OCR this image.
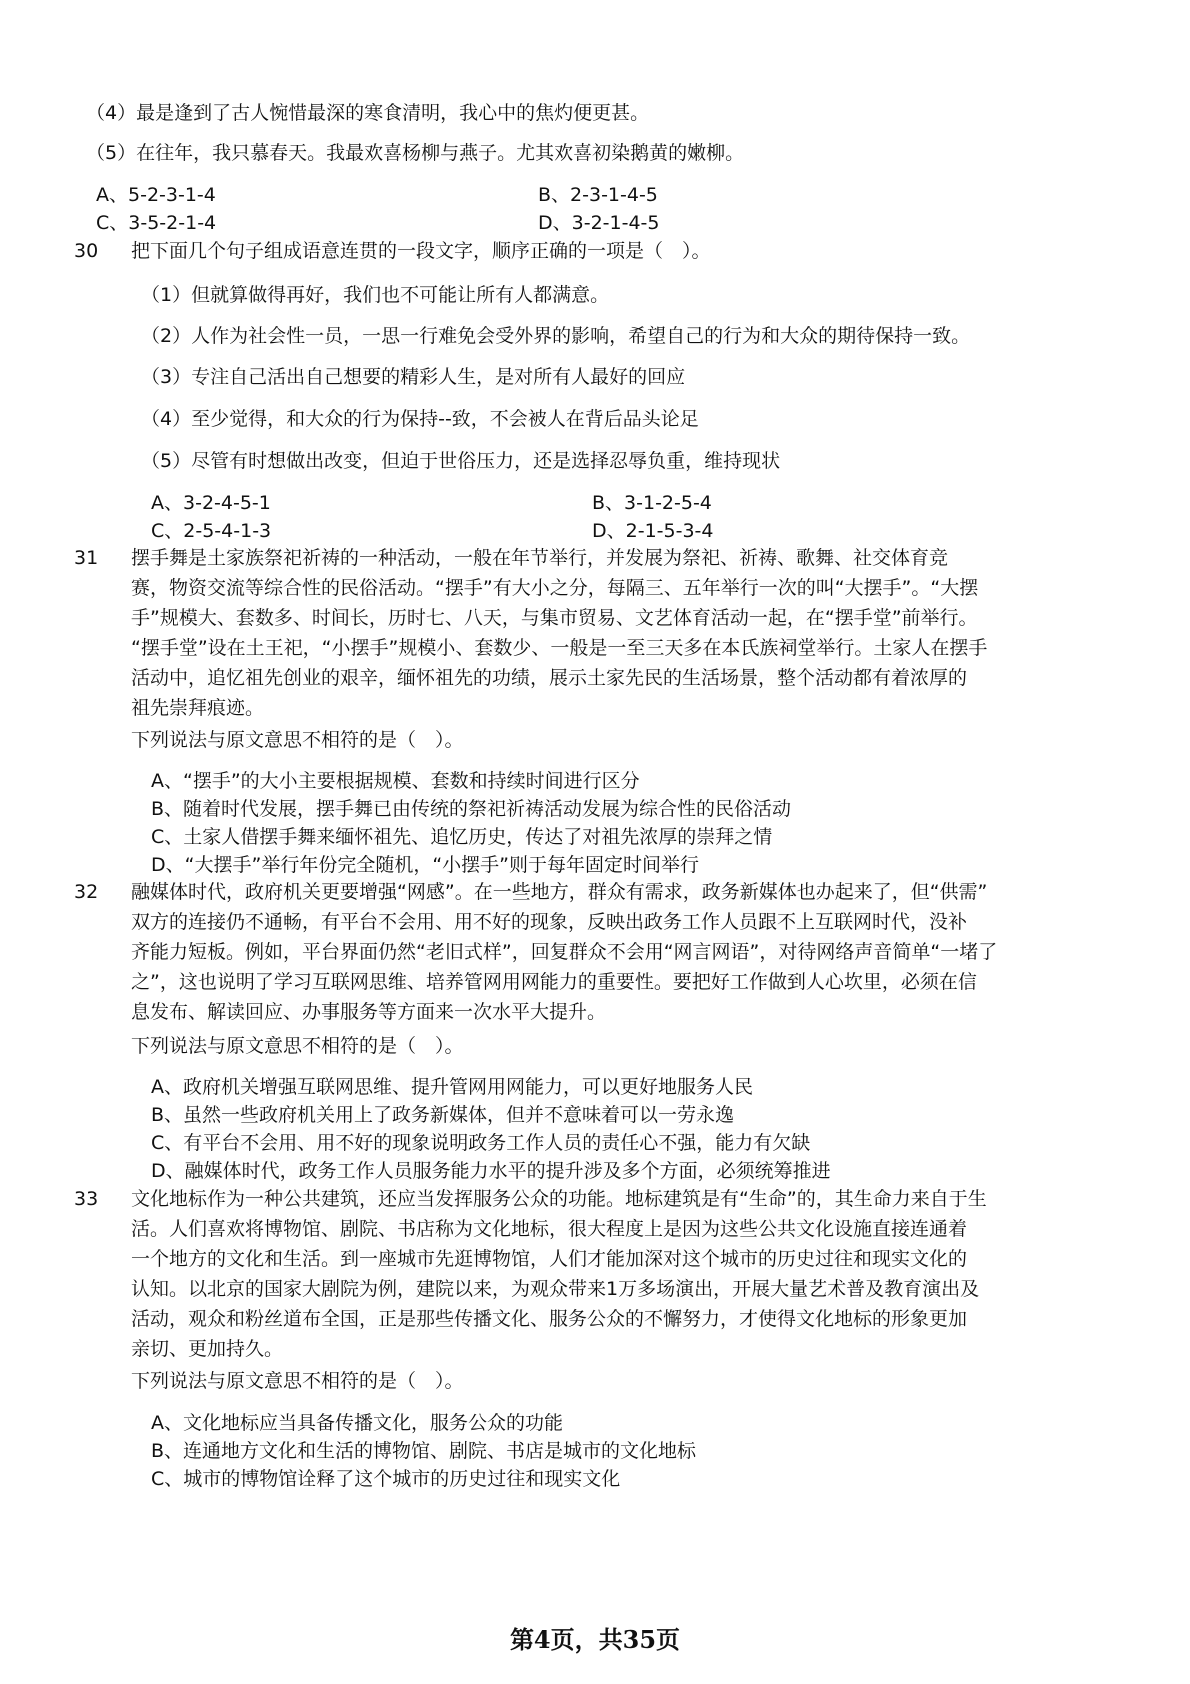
（4）最是逢到了古人惋惜最深的寒食清明，我心中的焦灼便更甚。
（5）在往年，我只慕春天。我最欢喜杨柳与燕子。尤其欢喜初染鹅黄的嫩柳。
A、5-2-3-1-4	B、2-3-1-4-5
C、3-5-2-1-4	D、3-2-1-4-5
30 把下面几个句子组成语意连贯的一段文字，顺序正确的一项是（　）。
（1）但就算做得再好，我们也不可能让所有人都满意。
（2）人作为社会性一员，一思一行难免会受外界的影响，希望自己的行为和大众的期待保持一致。
（3）专注自己活出自己想要的精彩人生，是对所有人最好的回应
（4）至少觉得，和大众的行为保持--致，不会被人在背后品头论足
（5）尽管有时想做出改变，但迫于世俗压力，还是选择忍辱负重，维持现状
A、3-2-4-5-1	B、3-1-2-5-4
C、2-5-4-1-3	D、2-1-5-3-4
31 摆手舞是土家族祭祀祈祷的一种活动，一般在年节举行，并发展为祭祀、祈祷、歌舞、社交体育竞
赛，物资交流等综合性的民俗活动。“摆手”有大小之分，每隔三、五年举行一次的叫“大摆手”。“大摆
手”规模大、套数多、时间长，历时七、八天，与集市贸易、文艺体育活动一起，在“摆手堂”前举行。
“摆手堂”设在土王祀，“小摆手”规模小、套数少、一般是一至三天多在本氏族祠堂举行。土家人在摆手
活动中，追忆祖先创业的艰辛，缅怀祖先的功绩，展示土家先民的生活场景，整个活动都有着浓厚的
祖先崇拜痕迹。
下列说法与原文意思不相符的是（　）。
A、“摆手”的大小主要根据规模、套数和持续时间进行区分
B、随着时代发展，摆手舞已由传统的祭祀祈祷活动发展为综合性的民俗活动
C、土家人借摆手舞来缅怀祖先、追忆历史，传达了对祖先浓厚的崇拜之情
D、“大摆手”举行年份完全随机，“小摆手”则于每年固定时间举行
32 融媒体时代，政府机关更要增强“网感”。在一些地方，群众有需求，政务新媒体也办起来了，但“供需”
双方的连接仍不通畅，有平台不会用、用不好的现象，反映出政务工作人员跟不上互联网时代，没补
齐能力短板。例如，平台界面仍然“老旧式样”，回复群众不会用“网言网语”，对待网络声音简单“一堵了
之”，这也说明了学习互联网思维、培养管网用网能力的重要性。要把好工作做到人心坎里，必须在信
息发布、解读回应、办事服务等方面来一次水平大提升。
下列说法与原文意思不相符的是（　）。
A、政府机关增强互联网思维、提升管网用网能力，可以更好地服务人民
B、虽然一些政府机关用上了政务新媒体，但并不意味着可以一劳永逸
C、有平台不会用、用不好的现象说明政务工作人员的责任心不强，能力有欠缺
D、融媒体时代，政务工作人员服务能力水平的提升涉及多个方面，必须统筹推进
33 文化地标作为一种公共建筑，还应当发挥服务公众的功能。地标建筑是有“生命”的，其生命力来自于生
活。人们喜欢将博物馆、剧院、书店称为文化地标，很大程度上是因为这些公共文化设施直接连通着
一个地方的文化和生活。到一座城市先逛博物馆，人们才能加深对这个城市的历史过往和现实文化的
认知。以北京的国家大剧院为例，建院以来，为观众带来1万多场演出，开展大量艺术普及教育演出及
活动，观众和粉丝道布全国，正是那些传播文化、服务公众的不懈努力，才使得文化地标的形象更加
亲切、更加持久。
下列说法与原文意思不相符的是（　）。
A、文化地标应当具备传播文化，服务公众的功能
B、连通地方文化和生活的博物馆、剧院、书店是城市的文化地标
C、城市的博物馆诠释了这个城市的历史过往和现实文化
第4页，共35页
